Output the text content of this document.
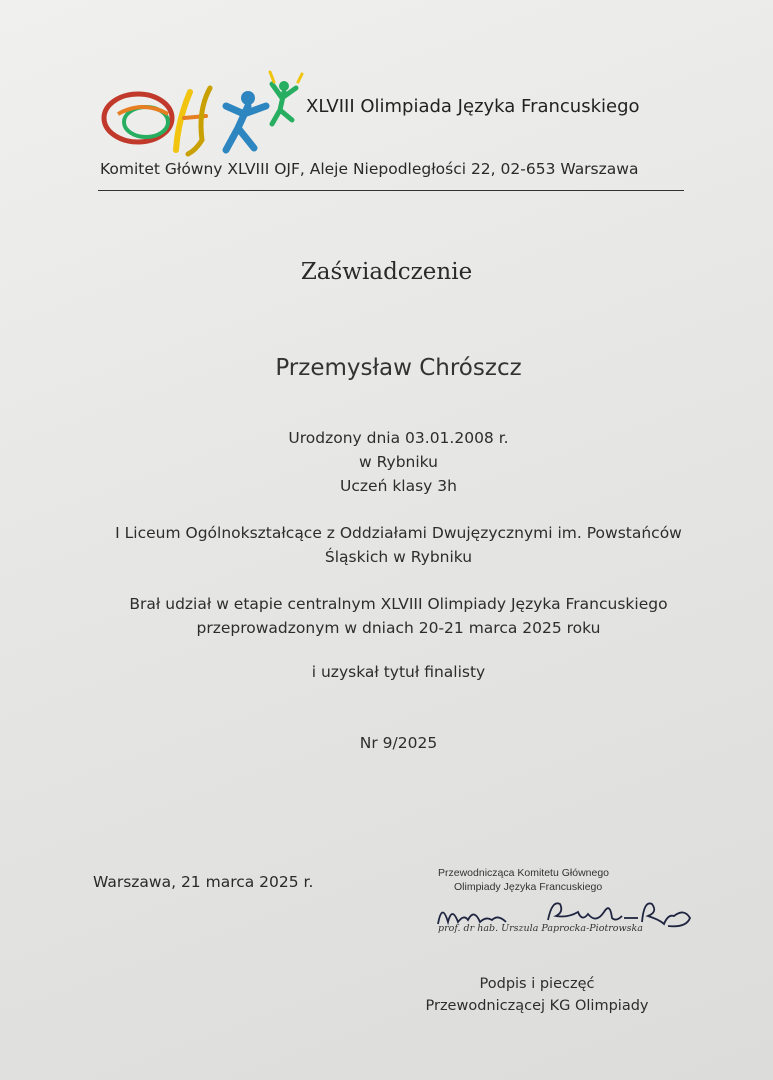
XLVIII Olimpiada Języka Francuskiego
Komitet Główny XLVIII OJF, Aleje Niepodległości 22, 02-653 Warszawa
Zaświadczenie
Przemysław Chrószcz
Urodzony dnia 03.01.2008 r.
w Rybniku
Uczeń klasy 3h
I Liceum Ogólnokształcące z Oddziałami Dwujęzycznymi im. Powstańców
Śląskich w Rybniku
Brał udział w etapie centralnym XLVIII Olimpiady Języka Francuskiego
przeprowadzonym w dniach 20-21 marca 2025 roku
i uzyskał tytuł finalisty
Nr 9/2025
Warszawa, 21 marca 2025 r.	Przewodnicząca Komitetu Głównego
Olimpiady Języka Francuskiego
prof. dr hab. Urszula Paprocka-Piotrowska
Podpis i pieczęć
Przewodniczącej KG Olimpiady
